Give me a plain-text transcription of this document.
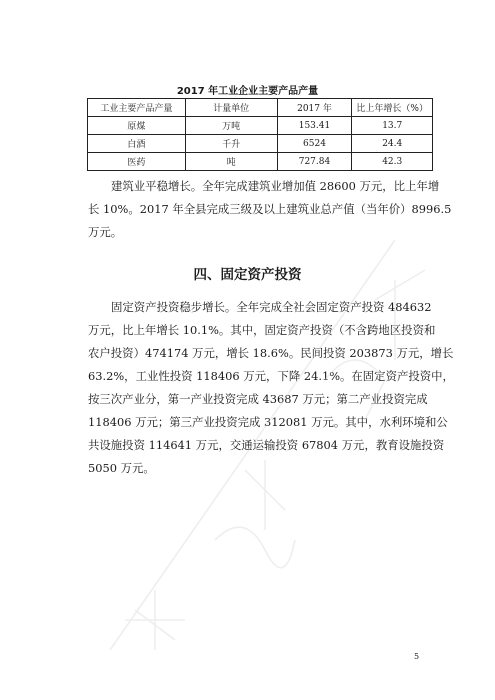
2017 年工业企业主要产品产量
工业主要产品产量	计量单位	2017 年	比上年增长（%）
原煤	万吨	153.41	13.7
白酒	千升	6524	24.4
医药	吨	727.84	42.3
建筑业平稳增长。全年完成建筑业增加值 28600 万元，比上年增
长 10%。2017 年全县完成三级及以上建筑业总产值（当年价）8996.5
万元。
四、固定资产投资
固定资产投资稳步增长。全年完成全社会固定资产投资 484632
万元，比上年增长 10.1%。其中，固定资产投资（不含跨地区投资和
农户投资）474174 万元，增长 18.6%。民间投资 203873 万元，增长
63.2%，工业性投资 118406 万元，下降 24.1%。在固定资产投资中，
按三次产业分，第一产业投资完成 43687 万元；第二产业投资完成
118406 万元；第三产业投资完成 312081 万元。其中，水利环境和公
共设施投资 114641 万元，交通运输投资 67804 万元，教育设施投资
5050 万元。
5
